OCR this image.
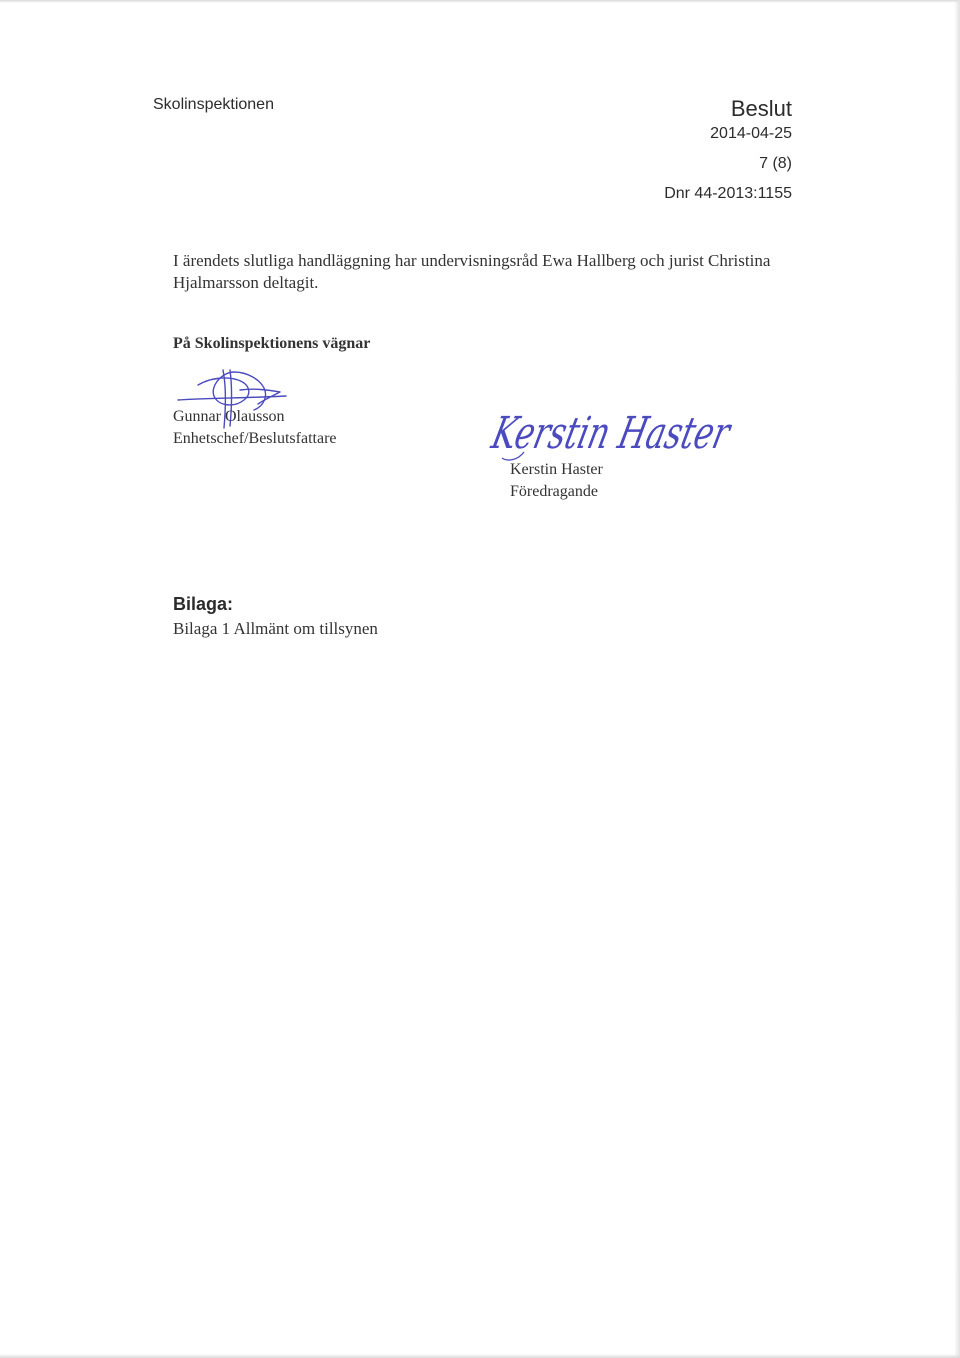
Skolinspektionen	Beslut
2014-04-25
7 (8)
Dnr 44-2013:1155
I ärendets slutliga handläggning har undervisningsråd Ewa Hallberg och jurist Christina Hjalmarsson deltagit.
På Skolinspektionens vägnar
Gunnar Olausson
Enhetschef/Beslutsfattare	Kerstin Haster
Kerstin Haster
Föredragande
Bilaga:
Bilaga 1 Allmänt om tillsynen
